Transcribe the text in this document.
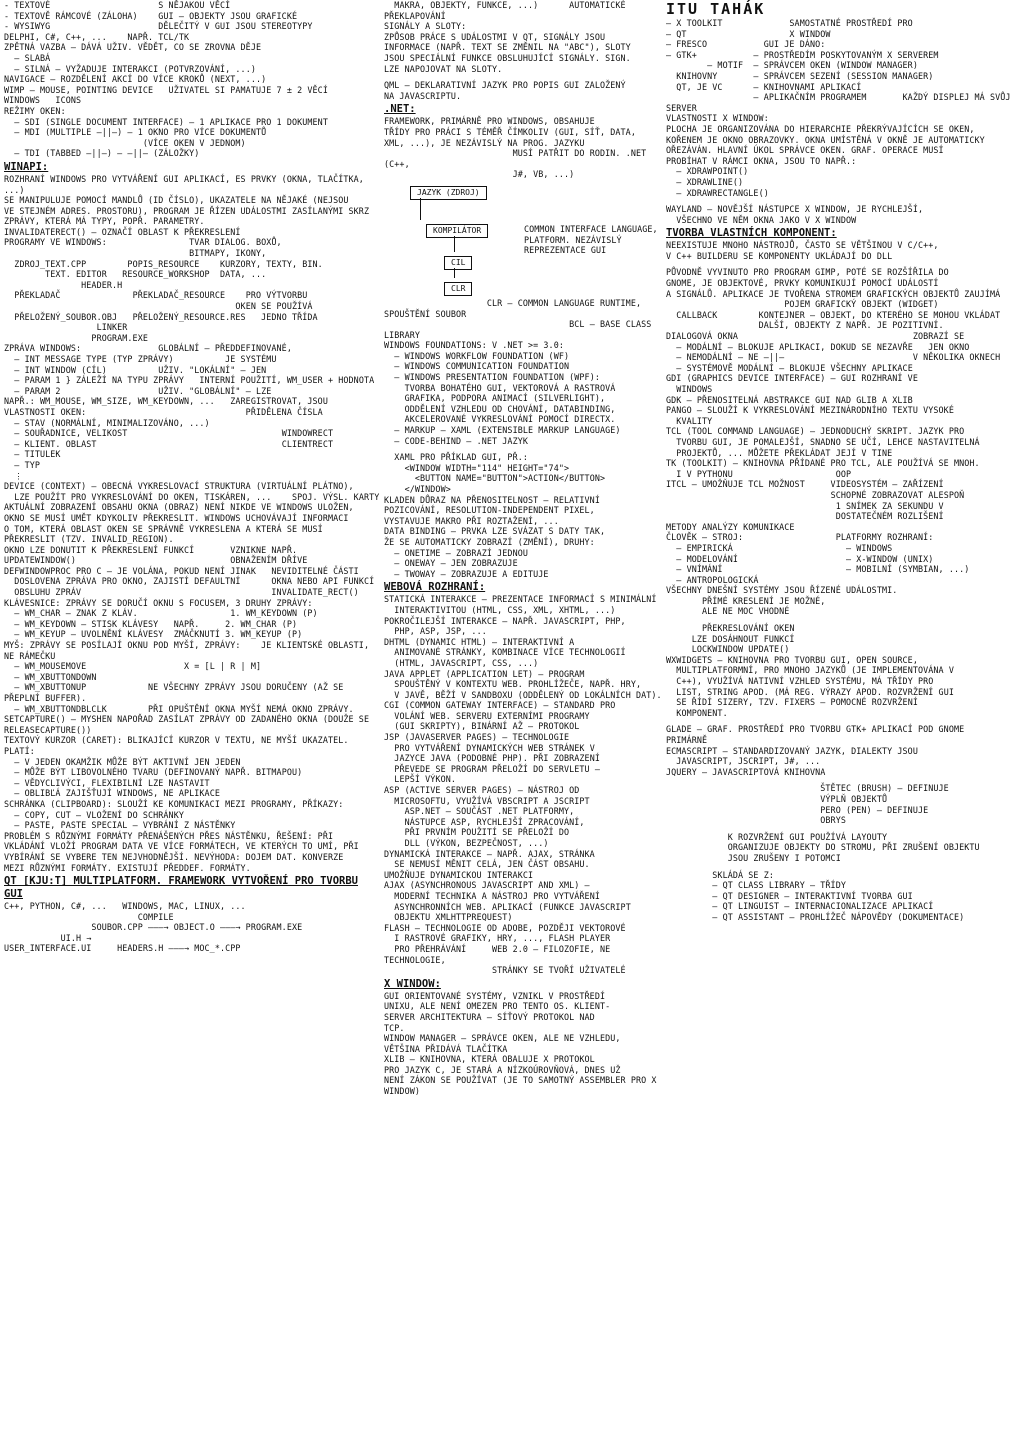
- TEXTOVÉ                     S NĚJAKOU VĚCÍ
- TEXTOVĚ RÁMCOVÉ (ZÁLOHA)    GUI – OBJEKTY JSOU GRAFICKÉ
- WYSIWYG                     DĚLEČITÝ V GUI JSOU STEREOTYPY
DELPHI, C#, C++, ...    NAPŘ. TCL/TK
ZPĚTNÁ VAZBA – DÁVÁ UŽIV. VĚDĚT, CO SE ZROVNA DĚJE
– SLABÁ
– SILNÁ – VYŽADUJE INTERAKCI (POTVRZOVÁNÍ, ...)
NAVIGACE – ROZDĚLENÍ AKCÍ DO VÍCE KROKŮ (NEXT, ...)
WIMP – MOUSE, POINTING DEVICE   UŽIVATEL SI PAMATUJE 7 ± 2 VĚCÍ
WINDOWS   ICONS
REŽIMY OKEN:
– SDI (SINGLE DOCUMENT INTERFACE) – 1 APLIKACE PRO 1 DOKUMENT
– MDI (MULTIPLE –||–) – 1 OKNO PRO VÍCE DOKUMENTŮ
(VÍCE OKEN V JEDNOM)
– TDI (TABBED –||–) – –||– (ZÁLOŽKY)
WINAPI:
ROZHRANÍ WINDOWS PRO VYTVÁŘENÍ GUI APLIKACÍ, ES PRVKY (OKNA, TLAČÍTKA, ...)
SE MANIPULUJE POMOCÍ MANDLŮ (ID ČÍSLO), UKAZATELE NA NĚJAKÉ (NEJSOU
VE STEJNÉM ADRES. PROSTORU), PROGRAM JE ŘÍZEN UDÁLOSTMI ZASÍLANÝMI SKRZ
ZPRÁVY, KTERÁ MÁ TYPY, POPŘ. PARAMETRY.
INVALIDATERECT() – OZNAČÍ OBLAST K PŘEKRESLENÍ
PROGRAMY VE WINDOWS:                TVAR DIALOG. BOXŮ,
BITMAPY, IKONY,
ZDROJ_TEXT.CPP        POPIS_RESOURCE    KURZORY, TEXTY, BIN.
TEXT. EDITOR   RESOURCE_WORKSHOP  DATA, ...
HEADER.H
PŘEKLADAČ              PŘEKLADAČ_RESOURCE    PRO VÝTVORBU
OKEN SE POUŽÍVÁ
PŘELOŽENÝ_SOUBOR.OBJ   PŘELOŽENÝ_RESOURCE.RES   JEDNO TŘÍDA
LINKER
PROGRAM.EXE
ZPRÁVA WINDOWS:               GLOBÁLNÍ – PŘEDDEFINOVANÉ,
– INT MESSAGE TYPE (TYP ZPRÁVY)          JE SYSTÉMU
– INT WINDOW (CÍL)          UŽIV. "LOKÁLNÍ" – JEN
– PARAM 1 } ZÁLEŽÍ NA TYPU ZPRÁVY   INTERNÍ POUŽITÍ, WM_USER + HODNOTA
– PARAM 2                   UŽIV. "GLOBÁLNÍ" – LZE
NAPŘ.: WM_MOUSE, WM_SIZE, WM_KEYDOWN, ...   ZAREGISTROVAT, JSOU
VLASTNOSTI OKEN:                               PŘIDĚLENA ČÍSLA
– STAV (NORMÁLNÍ, MINIMALIZOVÁNO, ...)
– SOUŘADNICE, VELIKOST                              WINDOWRECT
– KLIENT. OBLAST                                    CLIENTRECT
– TITULEK
– TYP
⋮
DEVICE (CONTEXT) – OBECNÁ VYKRESLOVACÍ STRUKTURA (VIRTUÁLNÍ PLÁTNO),
LZE POUŽÍT PRO VYKRESLOVÁNÍ DO OKEN, TISKÁREN, ...    SPOJ. VÝSL. KARTY
AKTUÁLNÍ ZOBRAZENÍ OBSAHU OKNA (OBRAZ) NENÍ NIKDE VE WINDOWS ULOŽEN,
OKNO SE MUSÍ UMĚT KDYKOLIV PŘEKRESLIT. WINDOWS UCHOVÁVAJÍ INFORMACI
O TOM, KTERÁ OBLAST OKEN SE SPRÁVNĚ VYKRESLENA A KTERÁ SE MUSÍ
PŘEKRESLIT (TZV. INVALID_REGION).
OKNO LZE DONUTIT K PŘEKRESLENÍ FUNKCÍ       VZNIKNE NAPŘ.
UPDATEWINDOW()                              OBNAŽENÍM DŘÍVE
DEFWINDOWPROC PRO C – JE VOLÁNA, POKUD NENÍ JINAK   NEVIDITELNÉ ČÁSTI
DOSLOVENA ZPRÁVA PRO OKNO, ZAJISTÍ DEFAULTNÍ      OKNA NEBO API FUNKCÍ
OBSLUHU ZPRÁV                                     INVALIDATE_RECT()
KLÁVESNICE: ZPRÁVY SE DORUČÍ OKNU S FOCUSEM, 3 DRUHY ZPRÁVY:
– WM_CHAR – ZNAK Z KLÁV.                  1. WM_KEYDOWN (P)
– WM_KEYDOWN – STISK KLÁVESY   NAPŘ.     2. WM_CHAR (P)
– WM_KEYUP – UVOLNĚNÍ KLÁVESY  ZMÁČKNUTÍ 3. WM_KEYUP (P)
MYŠ: ZPRÁVY SE POSÍLAJÍ OKNU POD MYŠÍ, ZPRÁVY:    JE KLIENTSKÉ OBLASTI, NE RÁMEČKU
– WM_MOUSEMOVE                   X = [L | R | M]
– WM_XBUTTONDOWN
– WM_XBUTTONUP            NE VŠECHNY ZPRÁVY JSOU DORUČENY (AŽ SE PŘEPLNÍ BUFFER).
– WM_XBUTTONDBLCLK        PŘI OPUŠTĚNÍ OKNA MYŠÍ NEMÁ OKNO ZPRÁVY.
SETCAPTURE() – MYSHEN NAPOŘAD ZASÍLAT ZPRÁVY OD ZADANÉHO OKNA (DOUŽE SE RELEASECAPTURE())
TEXTOVÝ KURZOR (CARET): BLIKAJÍCÍ KURZOR V TEXTU, NE MYŠÍ UKAZATEL. PLATÍ:
– V JEDEN OKAMŽIK MŮŽE BÝT AKTIVNÍ JEN JEDEN
– MŮŽE BÝT LIBOVOLNÉHO TVARU (DEFINOVANÝ NAPŘ. BITMAPOU)
– VĚDYCLIVÝCI, FLEXIBILNÍ LZE NASTAVIT
– OBLIBĽÁ ZAJIŠŤUJÍ WINDOWS, NE APLIKACE
SCHRÁNKA (CLIPBOARD): SLOUŽÍ KE KOMUNIKACI MEZI PROGRAMY, PŘÍKAZY:
– COPY, CUT – VLOŽENÍ DO SCHRÁNKY
– PASTE, PASTE SPECIAL – VYBRÁNÍ Z NÁSTĚNKY
PROBLÉM S RŮZNÝMI FORMÁTY PŘENÁŠENÝCH PŘES NÁSTĚNKU, ŘEŠENÍ: PŘI
VKLÁDÁNÍ VLOŽÍ PROGRAM DATA VE VÍCE FORMÁTECH, VE KTERÝCH TO UMÍ, PŘI
VYBÍRÁNÍ SE VYBERE TEN NEJVHODNĚJŠÍ. NEVÝHODA: DOJEM DAT. KONVERZE
MEZI RŮZNÝMI FORMÁTY. EXISTUJÍ PŘEDDEF. FORMÁTY.
QT [KJU:T] MULTIPLATFORM. FRAMEWORK VYTVOŘENÍ PRO TVORBU GUI
C++, PYTHON, C#, ...   WINDOWS, MAC, LINUX, ...
COMPILE
SOUBOR.CPP ———→ OBJECT.O ———→ PROGRAM.EXE
UI.H →
USER_INTERFACE.UI     HEADERS.H ———→ MOC_*.CPP
MAKRA, OBJEKTY, FUNKCE, ...)      AUTOMATICKÉ PŘEKLAPOVÁNÍ
SIGNÁLY A SLOTY:
ZPŮSOB PRÁCE S UDÁLOSTMI V QT, SIGNÁLY JSOU
INFORMACE (NAPŘ. TEXT SE ZMĚNIL NA "ABC"), SLOTY
JSOU SPECIÁLNÍ FUNKCE OBSLUHUJÍCÍ SIGNÁLY. SIGN.
LZE NAPOJOVAT NA SLOTY.
QML – DEKLARATIVNÍ JAZYK PRO POPIS GUI ZALOŽENÝ
NA JAVASCRIPTU.
.NET:
FRAMEWORK, PRIMÁRNĚ PRO WINDOWS, OBSAHUJE
TŘÍDY PRO PRÁCI S TÉMĚŘ ČÍMKOLIV (GUI, SÍŤ, DATA,
XML, ...), JE NEZÁVISLÝ NA PROG. JAZYKU
MUSÍ PATŘIT DO RODIN. .NET (C++,
J#, VB, ...)
JAZYK (ZDROJ)
KOMPILÁTOR
CIL
CLR
COMMON INTERFACE LANGUAGE, PLATFORM. NEZÁVISLÝ REPREZENTACE GUI
CLR – COMMON LANGUAGE RUNTIME, SPOUŠTĚNÍ SOUBOR
BCL – BASE CLASS LIBRARY
WINDOWS FOUNDATIONS: V .NET >= 3.0:
– WINDOWS WORKFLOW FOUNDATION (WF)
– WINDOWS COMMUNICATION FOUNDATION
– WINDOWS PRESENTATION FOUNDATION (WPF):
TVORBA BOHATÉHO GUI, VEKTOROVÁ A RASTROVÁ
GRAFIKA, PODPORA ANIMACÍ (SILVERLIGHT),
ODDĚLENÍ VZHLEDU OD CHOVÁNÍ, DATABINDING,
AKCELEROVANÉ VYKRESLOVÁNÍ POMOCÍ DIRECTX.
– MARKUP – XAML (EXTENSIBLE MARKUP LANGUAGE)
– CODE-BEHIND – .NET JAZYK
XAML PRO PŘÍKLAD GUI, PŘ.:
<WINDOW WIDTH="114" HEIGHT="74">
<BUTTON NAME="BUTTON">ACTION</BUTTON>
</WINDOW>
KLADEN DŮRAZ NA PŘENOSITELNOST – RELATIVNÍ
POZICOVÁNÍ, RESOLUTION-INDEPENDENT PIXEL,
VYSTAVUJE MAKRO PŘI ROZTAŽENÍ, ...
DATA BINDING – PRVKA LZE SVÁZAT S DATY TAK,
ŽE SE AUTOMATICKY ZOBRAZÍ (ZMĚNÍ), DRUHY:
– ONETIME – ZOBRAZÍ JEDNOU
– ONEWAY – JEN ZOBRAZUJE
– TWOWAY – ZOBRAZUJE A EDITUJE
WEBOVÁ ROZHRANÍ:
STATICKÁ INTERAKCE – PREZENTACE INFORMACÍ S MINIMÁLNÍ
INTERAKTIVITOU (HTML, CSS, XML, XHTML, ...)
POKROČILEJŠÍ INTERAKCE – NAPŘ. JAVASCRIPT, PHP,
PHP, ASP, JSP, ...
DHTML (DYNAMIC HTML) – INTERAKTIVNÍ A
ANIMOVANÉ STRÁNKY, KOMBINACE VÍCE TECHNOLOGIÍ
(HTML, JAVASCRIPT, CSS, ...)
JAVA APPLET (APPLICATION LET) – PROGRAM
SPOUŠTĚNÝ V KONTEXTU WEB. PROHLÍŽEČE, NAPŘ. HRY,
V JAVĚ, BĚŽÍ V SANDBOXU (ODDĚLENÝ OD LOKÁLNÍCH DAT).
CGI (COMMON GATEWAY INTERFACE) – STANDARD PRO
VOLÁNÍ WEB. SERVERU EXTERNÍMI PROGRAMY
(GUI SKRIPTY), BINÁRNÍ AŽ – PROTOKOL
JSP (JAVASERVER PAGES) – TECHNOLOGIE
PRO VYTVÁŘENÍ DYNAMICKÝCH WEB STRÁNEK V
JAZYCE JAVA (PODOBNÉ PHP). PŘI ZOBRAZENÍ
PŘEVEDE SE PROGRAM PŘELOŽÍ DO SERVLETU –
LEPŠÍ VÝKON.
ASP (ACTIVE SERVER PAGES) – NÁSTROJ OD
MICROSOFTU, VYUŽÍVÁ VBSCRIPT A JSCRIPT
ASP.NET – SOUČÁST .NET PLATFORMY,
NÁSTUPCE ASP, RYCHLEJŠÍ ZPRACOVÁNÍ,
PŘI PRVNÍM POUŽITÍ SE PŘELOŽÍ DO
DLL (VÝKON, BEZPEČNOST, ...)
DYNAMICKÁ INTERAKCE – NAPŘ. AJAX, STRÁNKA
SE NEMUSÍ MĚNIT CELÁ, JEN ČÁST OBSAHU.       UMOŽŇUJE DYNAMICKOU INTERAKCI
AJAX (ASYNCHRONOUS JAVASCRIPT AND XML) –
MODERNÍ TECHNIKA A NÁSTROJ PRO VYTVÁŘENÍ
ASYNCHRONNÍCH WEB. APLIKACÍ (FUNKCE JAVASCRIPT
OBJEKTU XMLHTTPREQUEST)
FLASH – TECHNOLOGIE OD ADOBE, POZDĚJI VEKTOROVÉ
I RASTROVÉ GRAFIKY, HRY, ..., FLASH PLAYER
PRO PŘEHRÁVÁNÍ     WEB 2.0 – FILOZOFIE, NE TECHNOLOGIE,
STRÁNKY SE TVOŘÍ UŽIVATELÉ
X WINDOW:
GUI ORIENTOVANÉ SYSTÉMY, VZNIKL V PROSTŘEDÍ
UNIXU, ALE NENÍ OMEZEN PRO TENTO OS. KLIENT-
SERVER ARCHITEKTURA – SÍŤOVÝ PROTOKOL NAD
TCP.
WINDOW MANAGER – SPRÁVCE OKEN, ALE NE VZHLEDU,
VĚTŠINA PŘIDÁVÁ TLAČÍTKA
XLIB – KNIHOVNA, KTERÁ OBALUJE X PROTOKOL
PRO JAZYK C, JE STARÁ A NÍZKOÚROVŇOVÁ, DNES UŽ
NENÍ ZÁKON SE POUŽÍVAT (JE TO SAMOTNÝ ASSEMBLER PRO X WINDOW)
ITU TAHÁK
– X TOOLKIT             SAMOSTATNÉ PROSTŘEDÍ PRO
– QT                    X WINDOW
– FRESCO           GUI JE DÁNO:
– GTK+           – PROSTŘEDÍM POSKYTOVANÝM X SERVEREM
– MOTIF  – SPRÁVCEM OKEN (WINDOW MANAGER)
KNIHOVNY       – SPRÁVCEM SEZENÍ (SESSION MANAGER)
QT, JE VC      – KNIHOVNAMI APLIKACÍ
– APLIKAČNÍM PROGRAMEM       KAŽDÝ DISPLEJ MÁ SVŮJ SERVER
VLASTNOSTI X WINDOW:
PLOCHA JE ORGANIZOVÁNA DO HIERARCHIE PŘEKRÝVAJÍCÍCH SE OKEN,
KOŘENEM JE OKNO OBRAZOVKY. OKNA UMÍSTĚNÁ V OKNĚ JE AUTOMATICKY
OŘEZÁVÁN. HLAVNÍ ÚKOL SPRÁVCE OKEN. GRAF. OPERACE MUSÍ
PROBÍHAT V RÁMCI OKNA, JSOU TO NAPŘ.:
– XDRAWPOINT()
– XDRAWLINE()
– XDRAWRECTANGLE()
WAYLAND – NOVĚJŠÍ NÁSTUPCE X WINDOW, JE RYCHLEJŠÍ,
VŠECHNO VE NĚM OKNA JAKO V X WINDOW
TVORBA VLASTNÍCH KOMPONENT:
NEEXISTUJE MNOHO NÁSTROJŮ, ČASTO SE VĚTŠINOU V C/C++,
V C++ BUILDERU SE KOMPONENTY UKLÁDAJÍ DO DLL
PŮVODNĚ VYVINUTO PRO PROGRAM GIMP, POTÉ SE ROZŠÍŘILA DO
GNOME, JE OBJEKTOVÉ, PRVKY KOMUNIKUJÍ POMOCÍ UDÁLOSTÍ
A SIGNÁLŮ. APLIKACE JE TVOŘENA STROMEM GRAFICKÝCH OBJEKTŮ ZAUJÍMÁ
POJEM GRAFICKÝ OBJEKT (WIDGET)
CALLBACK        KONTEJNER – OBJEKT, DO KTERÉHO SE MOHOU VKLÁDAT
DALŠÍ, OBJEKTY Z NAPŘ. JE POZITIVNÍ.
DIALOGOVÁ OKNA                                  ZOBRAZÍ SE
– MODÁLNÍ – BLOKUJE APLIKACI, DOKUD SE NEZAVŘE   JEN OKNO
– NEMODÁLNÍ – NE –||–                         V NĚKOLIKA OKNECH
– SYSTÉMOVĚ MODÁLNÍ – BLOKUJE VŠECHNY APLIKACE
GDI (GRAPHICS DEVICE INTERFACE) – GUI ROZHRANÍ VE
WINDOWS
GDK – PŘENOSITELNÁ ABSTRAKCE GUI NAD GLIB A XLIB
PANGO – SLOUŽÍ K VYKRESLOVÁNÍ MEZINÁRODNÍHO TEXTU VYSOKÉ
KVALITY
TCL (TOOL COMMAND LANGUAGE) – JEDNODUCHÝ SKRIPT. JAZYK PRO
TVORBU GUI, JE POMALEJŠÍ, SNADNO SE UČÍ, LEHCE NASTAVITELNÁ
PROJEKTŮ, ... MŮŽETE PŘEKLÁDAT JEJÍ V TINE
TK (TOOLKIT) – KNIHOVNA PŘÍDANÉ PRO TCL, ALE POUŽÍVÁ SE MNOH.
I V PYTHONU                    OOP
ITCL – UMOŽŇUJE TCL MOŽNOST     VIDEOSYSTÉM – ZAŘÍZENÍ
SCHOPNÉ ZOBRAZOVAT ALESPOŇ
1 SNÍMEK ZA SEKUNDU V
DOSTATEČNÉM ROZLIŠENÍ
METODY ANALÝZY KOMUNIKACE
ČLOVĚK – STROJ:                  PLATFORMY ROZHRANÍ:
– EMPIRICKÁ                      – WINDOWS
– MODELOVÁNÍ                     – X-WINDOW (UNIX)
– VNÍMÁNÍ                        – MOBILNÍ (SYMBIAN, ...)
– ANTROPOLOGICKÁ
VŠECHNY DNEŠNÍ SYSTÉMY JSOU ŘÍZENÉ UDÁLOSTMI.
PŘÍMÉ KRESLENÍ JE MOŽNÉ,
ALE NE MOC VHODNÉ
PŘEKRESLOVÁNÍ OKEN
LZE DOSÁHNOUT FUNKCÍ
LOCKWINDOW UPDATE()
WXWIDGETS – KNIHOVNA PRO TVORBU GUI, OPEN SOURCE,
MULTIPLATFORMNÍ, PRO MNOHO JAZYKŮ (JE IMPLEMENTOVÁNA V
C++), VYUŽÍVÁ NATIVNÍ VZHLED SYSTÉMU, MÁ TŘÍDY PRO
LIST, STRING APOD. (MÁ REG. VÝRAZY APOD. ROZVRŽENÍ GUI
SE ŘÍDÍ SIZERY, TZV. FIXERS – POMOCNÉ ROZVRŽENÍ
KOMPONENT.
GLADE – GRAF. PROSTŘEDÍ PRO TVORBU GTK+ APLIKACÍ POD GNOME
PRIMÁRNĚ
ECMASCRIPT – STANDARDIZOVANÝ JAZYK, DIALEKTY JSOU
JAVASCRIPT, JSCRIPT, J#, ...
JQUERY – JAVASCRIPTOVÁ KNIHOVNA
ŠTĚTEC (BRUSH) – DEFINUJE
VÝPLŇ OBJEKTŮ
PERO (PEN) – DEFINUJE
OBRYS
K ROZVRŽENÍ GUI POUŽÍVÁ LAYOUTY
ORGANIZUJE OBJEKTY DO STROMU, PŘI ZRUŠENÍ OBJEKTU
JSOU ZRUŠENY I POTOMCI
SKLÁDÁ SE Z:
– QT CLASS LIBRARY – TŘÍDY
– QT DESIGNER – INTERAKTIVNÍ TVORBA GUI
– QT LINGUIST – INTERNACIONALIZACE APLIKACÍ
– QT ASSISTANT – PROHLÍŽEČ NÁPOVĚDY (DOKUMENTACE)
